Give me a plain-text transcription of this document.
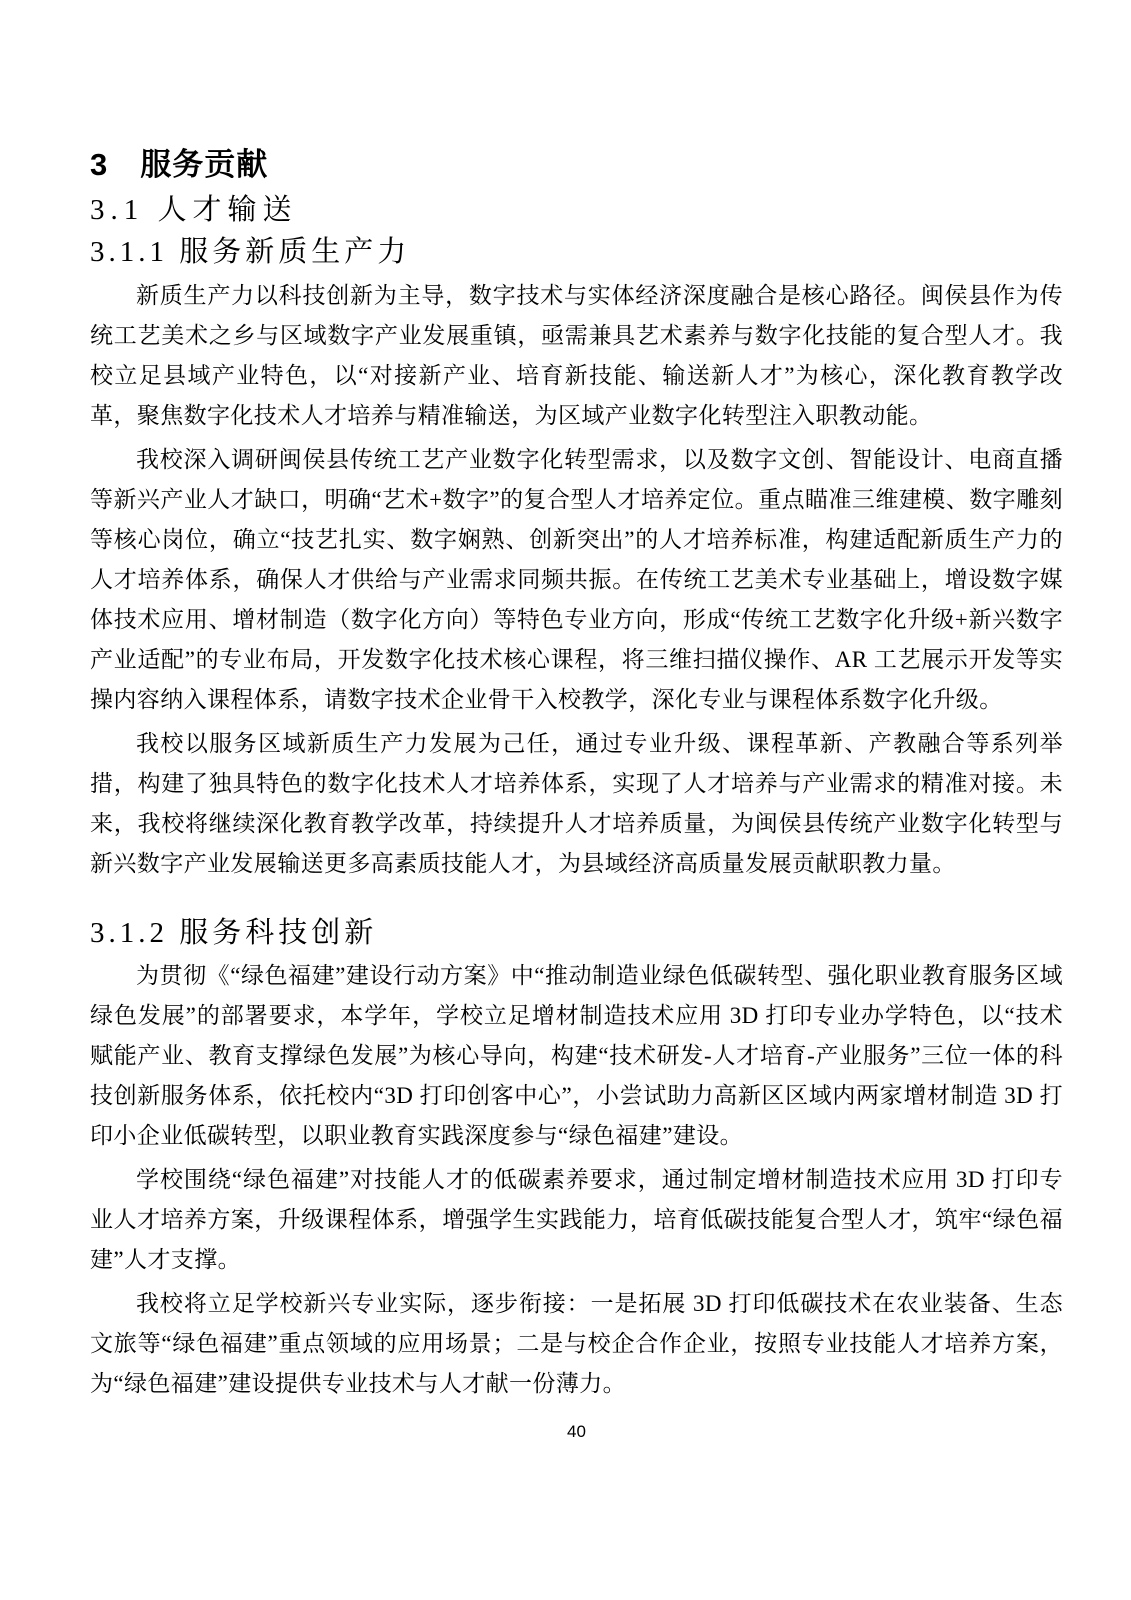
3　服务贡献
3.1 人才输送
3.1.1 服务新质生产力

新质生产力以科技创新为主导，数字技术与实体经济深度融合是核心路径。闽侯县作为传统工艺美术之乡与区域数字产业发展重镇，亟需兼具艺术素养与数字化技能的复合型人才。我校立足县域产业特色，以“对接新产业、培育新技能、输送新人才”为核心，深化教育教学改革，聚焦数字化技术人才培养与精准输送，为区域产业数字化转型注入职教动能。

我校深入调研闽侯县传统工艺产业数字化转型需求，以及数字文创、智能设计、电商直播等新兴产业人才缺口，明确“艺术+数字”的复合型人才培养定位。重点瞄准三维建模、数字雕刻等核心岗位，确立“技艺扎实、数字娴熟、创新突出”的人才培养标准，构建适配新质生产力的人才培养体系，确保人才供给与产业需求同频共振。在传统工艺美术专业基础上，增设数字媒体技术应用、增材制造（数字化方向）等特色专业方向，形成“传统工艺数字化升级+新兴数字产业适配”的专业布局，开发数字化技术核心课程，将三维扫描仪操作、AR 工艺展示开发等实操内容纳入课程体系，请数字技术企业骨干入校教学，深化专业与课程体系数字化升级。

我校以服务区域新质生产力发展为己任，通过专业升级、课程革新、产教融合等系列举措，构建了独具特色的数字化技术人才培养体系，实现了人才培养与产业需求的精准对接。未来，我校将继续深化教育教学改革，持续提升人才培养质量，为闽侯县传统产业数字化转型与新兴数字产业发展输送更多高素质技能人才，为县域经济高质量发展贡献职教力量。

3.1.2 服务科技创新

为贯彻《“绿色福建”建设行动方案》中“推动制造业绿色低碳转型、强化职业教育服务区域绿色发展”的部署要求，本学年，学校立足增材制造技术应用 3D 打印专业办学特色，以“技术赋能产业、教育支撑绿色发展”为核心导向，构建“技术研发-人才培育-产业服务”三位一体的科技创新服务体系，依托校内“3D 打印创客中心”，小尝试助力高新区区域内两家增材制造 3D 打印小企业低碳转型，以职业教育实践深度参与“绿色福建”建设。

学校围绕“绿色福建”对技能人才的低碳素养要求，通过制定增材制造技术应用 3D 打印专业人才培养方案，升级课程体系，增强学生实践能力，培育低碳技能复合型人才，筑牢“绿色福建”人才支撑。

我校将立足学校新兴专业实际，逐步衔接：一是拓展 3D 打印低碳技术在农业装备、生态文旅等“绿色福建”重点领域的应用场景；二是与校企合作企业，按照专业技能人才培养方案，为“绿色福建”建设提供专业技术与人才献一份薄力。

40
